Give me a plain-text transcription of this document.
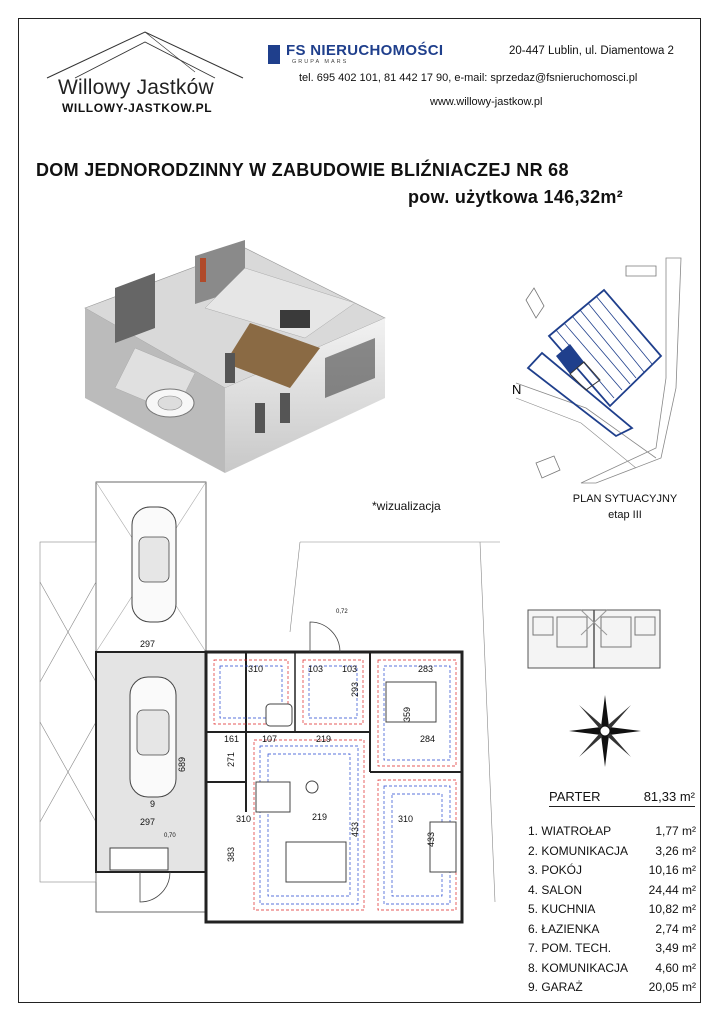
Willowy Jastków
WILLOWY-JASTKOW.PL
FS NIERUCHOMOŚCI
GRUPA MARS
20-447 Lublin, ul. Diamentowa 2
tel. 695 402 101, 81 442 17 90, e-mail: sprzedaz@fsnieruchomosci.pl
www.willowy-jastkow.pl
DOM JEDNORODZINNY W ZABUDOWIE BLIŹNIACZEJ NR 68
pow. użytkowa 146,32m²
*wizualizacja
N
PLAN SYTUACYJNY
etap III
297
297
689
9
310	103 103	283
293
359
161	107	219	284
271
310	219	310
383
433
433
0,72
0,70
PARTER	81,33 m²
1. WIATROŁAP	1,77 m²
2. KOMUNIKACJA 3,26 m²
3. POKÓJ	10,16 m²
4. SALON	24,44 m²
5. KUCHNIA	10,82 m²
6. ŁAZIENKA	2,74 m²
7. POM. TECH.	3,49 m²
8. KOMUNIKACJA 4,60 m²
9. GARAŻ	20,05 m²
